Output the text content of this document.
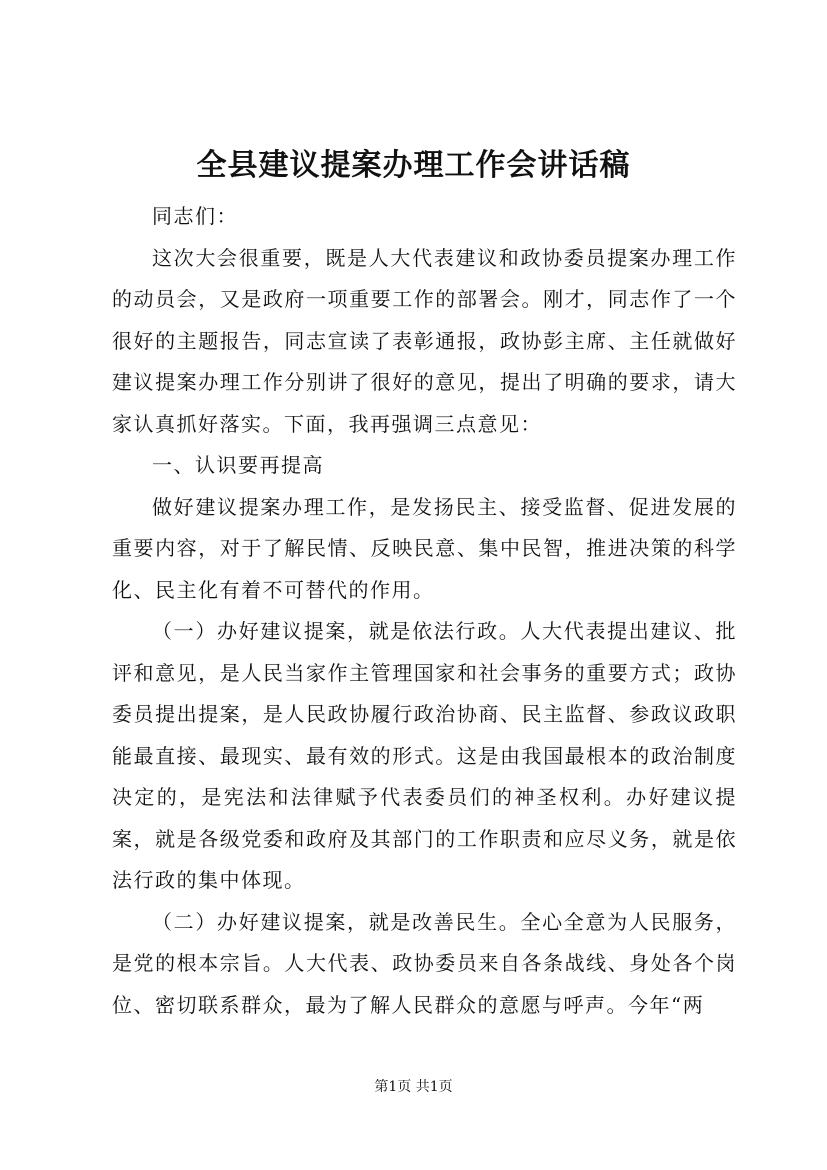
全县建议提案办理工作会讲话稿

同志们：

这次大会很重要，既是人大代表建议和政协委员提案办理工作的动员会，又是政府一项重要工作的部署会。刚才，同志作了一个很好的主题报告，同志宣读了表彰通报，政协彭主席、主任就做好建议提案办理工作分别讲了很好的意见，提出了明确的要求，请大家认真抓好落实。下面，我再强调三点意见：

一、认识要再提高

做好建议提案办理工作，是发扬民主、接受监督、促进发展的重要内容，对于了解民情、反映民意、集中民智，推进决策的科学化、民主化有着不可替代的作用。

（一）办好建议提案，就是依法行政。人大代表提出建议、批评和意见，是人民当家作主管理国家和社会事务的重要方式；政协委员提出提案，是人民政协履行政治协商、民主监督、参政议政职能最直接、最现实、最有效的形式。这是由我国最根本的政治制度决定的，是宪法和法律赋予代表委员们的神圣权利。办好建议提案，就是各级党委和政府及其部门的工作职责和应尽义务，就是依法行政的集中体现。

（二）办好建议提案，就是改善民生。全心全意为人民服务，是党的根本宗旨。人大代表、政协委员来自各条战线、身处各个岗位、密切联系群众，最为了解人民群众的意愿与呼声。今年“两

第1页 共1页
